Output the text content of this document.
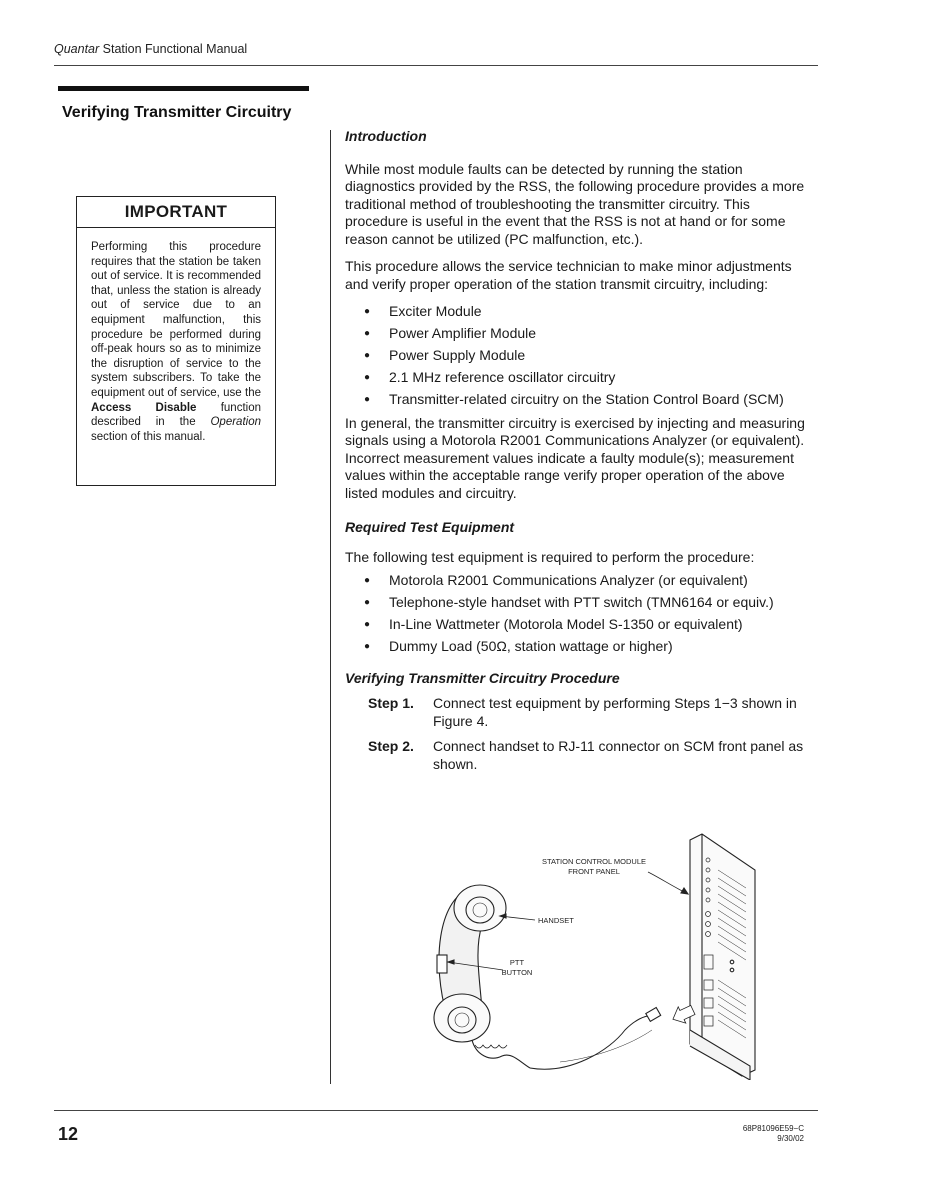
Quantar Station Functional Manual
Verifying Transmitter Circuitry
IMPORTANT
Performing this procedure requires that the station be taken out of service. It is recommended that, unless the station is already out of service due to an equipment malfunction, this procedure be performed during off-peak hours so as to minimize the disruption of service to the system subscribers. To take the equipment out of service, use the Access Disable function described in the Operation section of this manual.
Introduction

While most module faults can be detected by running the station diagnostics provided by the RSS, the following procedure provides a more traditional method of troubleshooting the transmitter circuitry. This procedure is useful in the event that the RSS is not at hand or for some reason cannot be utilized (PC malfunction, etc.).

This procedure allows the service technician to make minor adjustments and verify proper operation of the station transmit circuitry, including:

● Exciter Module
● Power Amplifier Module
● Power Supply Module
● 2.1 MHz reference oscillator circuitry
● Transmitter-related circuitry on the Station Control Board (SCM)

In general, the transmitter circuitry is exercised by injecting and measuring signals using a Motorola R2001 Communications Analyzer (or equivalent). Incorrect measurement values indicate a faulty module(s); measurement values within the acceptable range verify proper operation of the above listed modules and circuitry.

Required Test Equipment

The following test equipment is required to perform the procedure:

● Motorola R2001 Communications Analyzer (or equivalent)
● Telephone-style handset with PTT switch (TMN6164 or equiv.)
● In-Line Wattmeter (Motorola Model S-1350 or equivalent)
● Dummy Load (50Ω, station wattage or higher)
Verifying Transmitter Circuitry Procedure
Step 1.	Connect test equipment by performing Steps 1−3 shown in Figure 4.
Step 2.	Connect handset to RJ-11 connector on SCM front panel as shown.
STATION CONTROL MODULE
FRONT PANEL
HANDSET
PTT
BUTTON
12	68P81096E59−C
9/30/02
